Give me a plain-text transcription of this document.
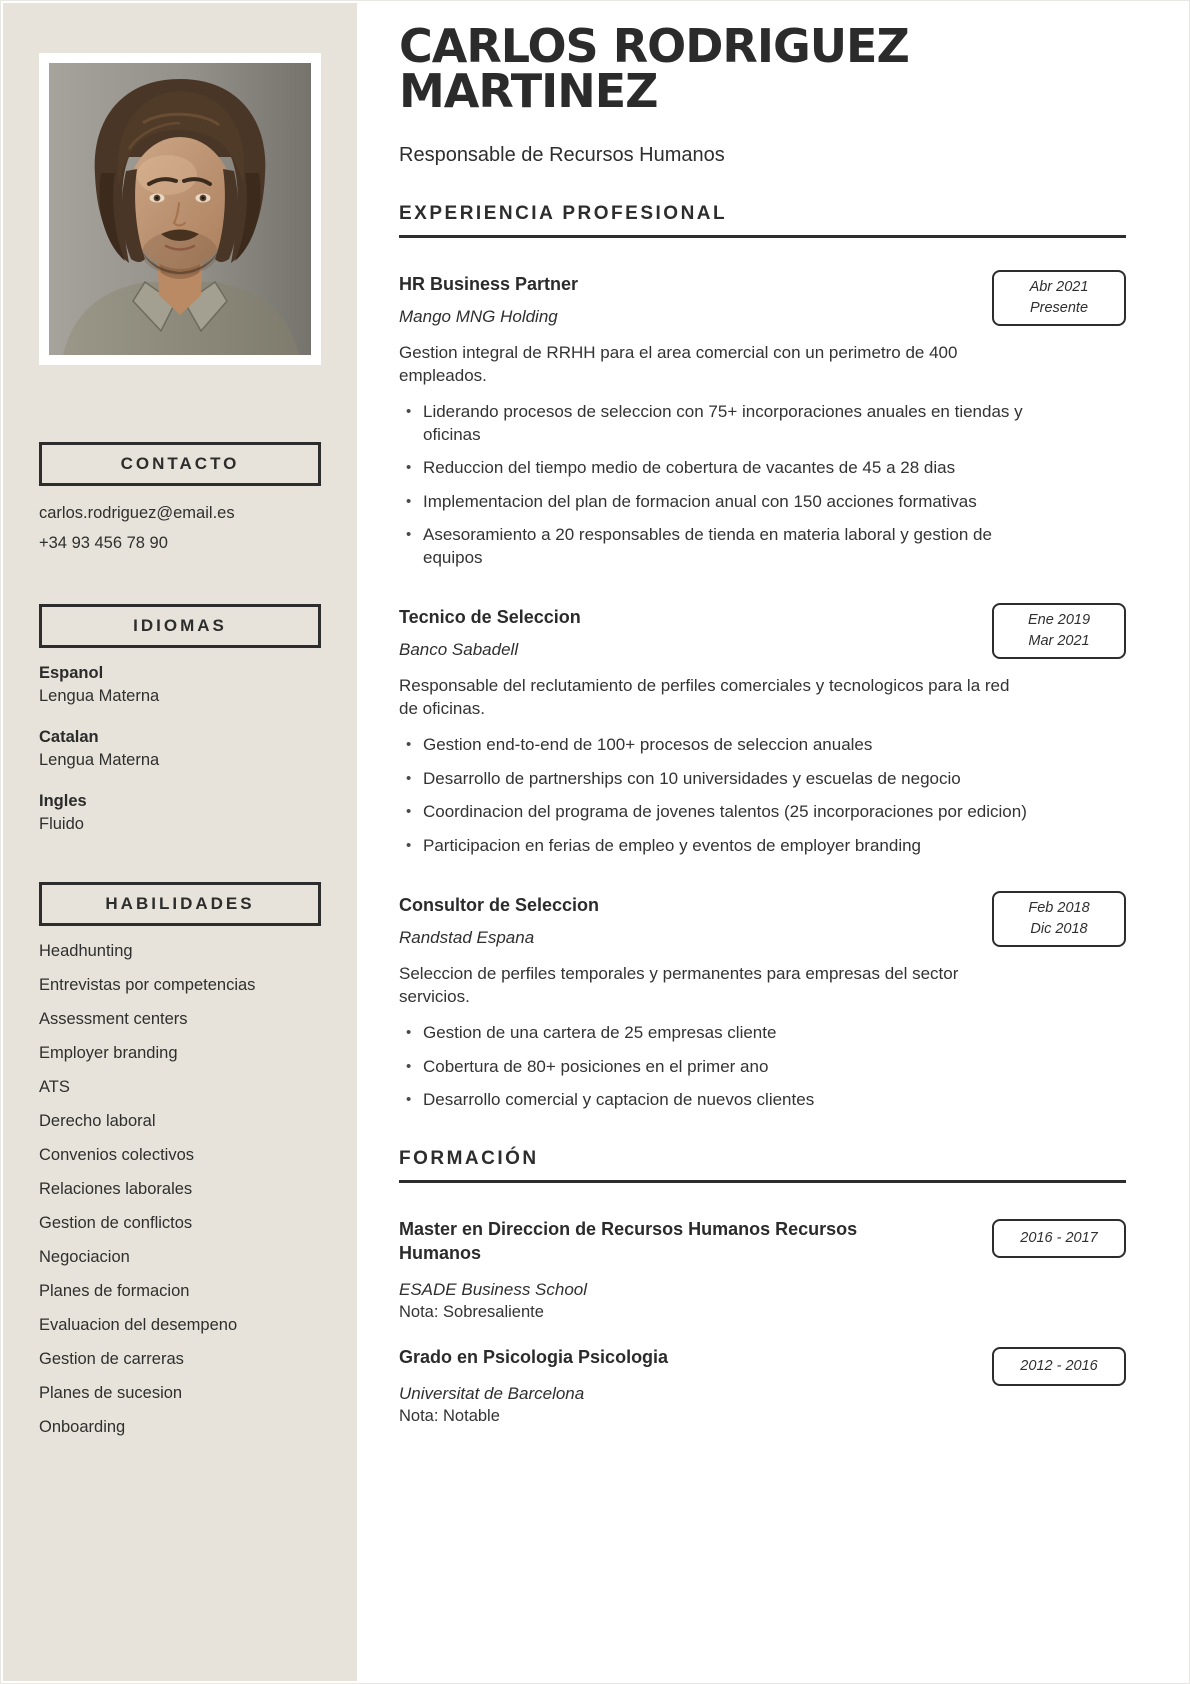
CONTACTO
carlos.rodriguez@email.es
+34 93 456 78 90
IDIOMAS
Espanol
Lengua Materna
Catalan
Lengua Materna
Ingles
Fluido
HABILIDADES
Headhunting
Entrevistas por competencias
Assessment centers
Employer branding
ATS
Derecho laboral
Convenios colectivos
Relaciones laborales
Gestion de conflictos
Negociacion
Planes de formacion
Evaluacion del desempeno
Gestion de carreras
Planes de sucesion
Onboarding
CARLOS RODRIGUEZ MARTINEZ
Responsable de Recursos Humanos
EXPERIENCIA PROFESIONAL
Abr 2021
Presente
HR Business Partner
Mango MNG Holding

Gestion integral de RRHH para el area comercial con un perimetro de 400 empleados.

• Liderando procesos de seleccion con 75+ incorporaciones anuales en tiendas y oficinas
• Reduccion del tiempo medio de cobertura de vacantes de 45 a 28 dias
• Implementacion del plan de formacion anual con 150 acciones formativas
• Asesoramiento a 20 responsables de tienda en materia laboral y gestion de equipos
Ene 2019
Mar 2021
Tecnico de Seleccion
Banco Sabadell

Responsable del reclutamiento de perfiles comerciales y tecnologicos para la red de oficinas.

• Gestion end-to-end de 100+ procesos de seleccion anuales
• Desarrollo de partnerships con 10 universidades y escuelas de negocio
• Coordinacion del programa de jovenes talentos (25 incorporaciones por edicion)
• Participacion en ferias de empleo y eventos de employer branding
Feb 2018
Dic 2018
Consultor de Seleccion
Randstad Espana

Seleccion de perfiles temporales y permanentes para empresas del sector servicios.

• Gestion de una cartera de 25 empresas cliente
• Cobertura de 80+ posiciones en el primer ano
• Desarrollo comercial y captacion de nuevos clientes
FORMACIÓN
2016 - 2017
Master en Direccion de Recursos Humanos Recursos Humanos
ESADE Business School
Nota: Sobresaliente
2012 - 2016
Grado en Psicologia Psicologia
Universitat de Barcelona
Nota: Notable
